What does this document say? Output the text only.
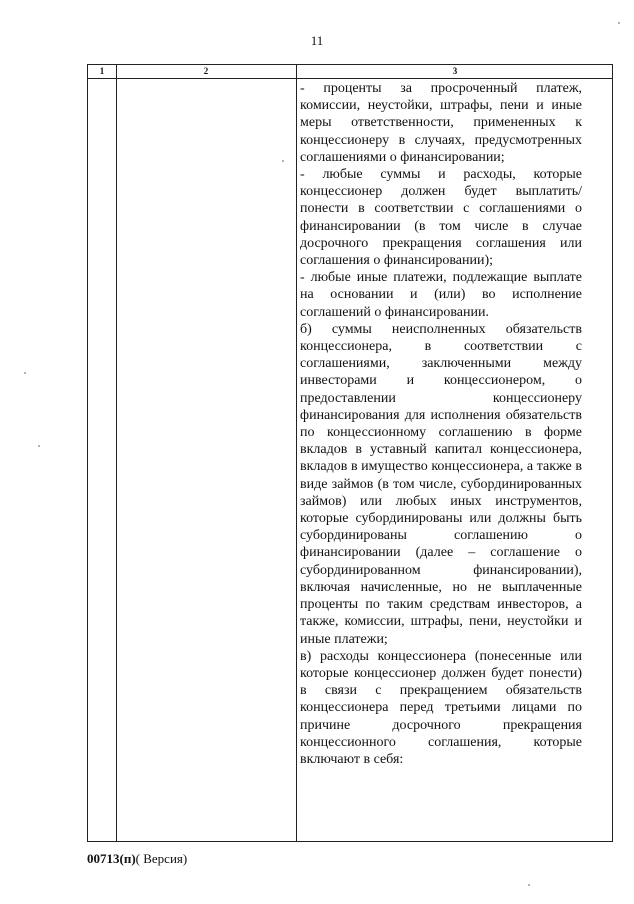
11
1	2	3

- проценты за просроченный платеж, комиссии, неустойки, штрафы, пени и иные меры ответственности, примененных к концессионеру в случаях, предусмотренных соглашениями о финансировании;

- любые суммы и расходы, которые концессионер должен будет выплатить/понести в соответствии с соглашениями о финансировании (в том числе в случае досрочного прекращения соглашения или соглашения о финансировании);

- любые иные платежи, подлежащие выплате на основании и (или) во исполнение соглашений о финансировании.

б) суммы неисполненных обязательств концессионера, в соответствии с соглашениями, заключенными между инвесторами и концессионером, о предоставлении концессионеру финансирования для исполнения обязательств по концессионному соглашению в форме вкладов в уставный капитал концессионера, вкладов в имущество концессионера, а также в виде займов (в том числе, субординированных займов) или любых иных инструментов, которые субординированы или должны быть субординированы соглашению о финансировании (далее – соглашение о субординированном финансировании), включая начисленные, но не выплаченные проценты по таким средствам инвесторов, а также, комиссии, штрафы, пени, неустойки и иные платежи;

в) расходы концессионера (понесенные или которые концессионер должен будет понести) в связи с прекращением обязательств концессионера перед третьими лицами по причине досрочного прекращения концессионного соглашения, которые включают в себя:

00713(п)( Версия)
